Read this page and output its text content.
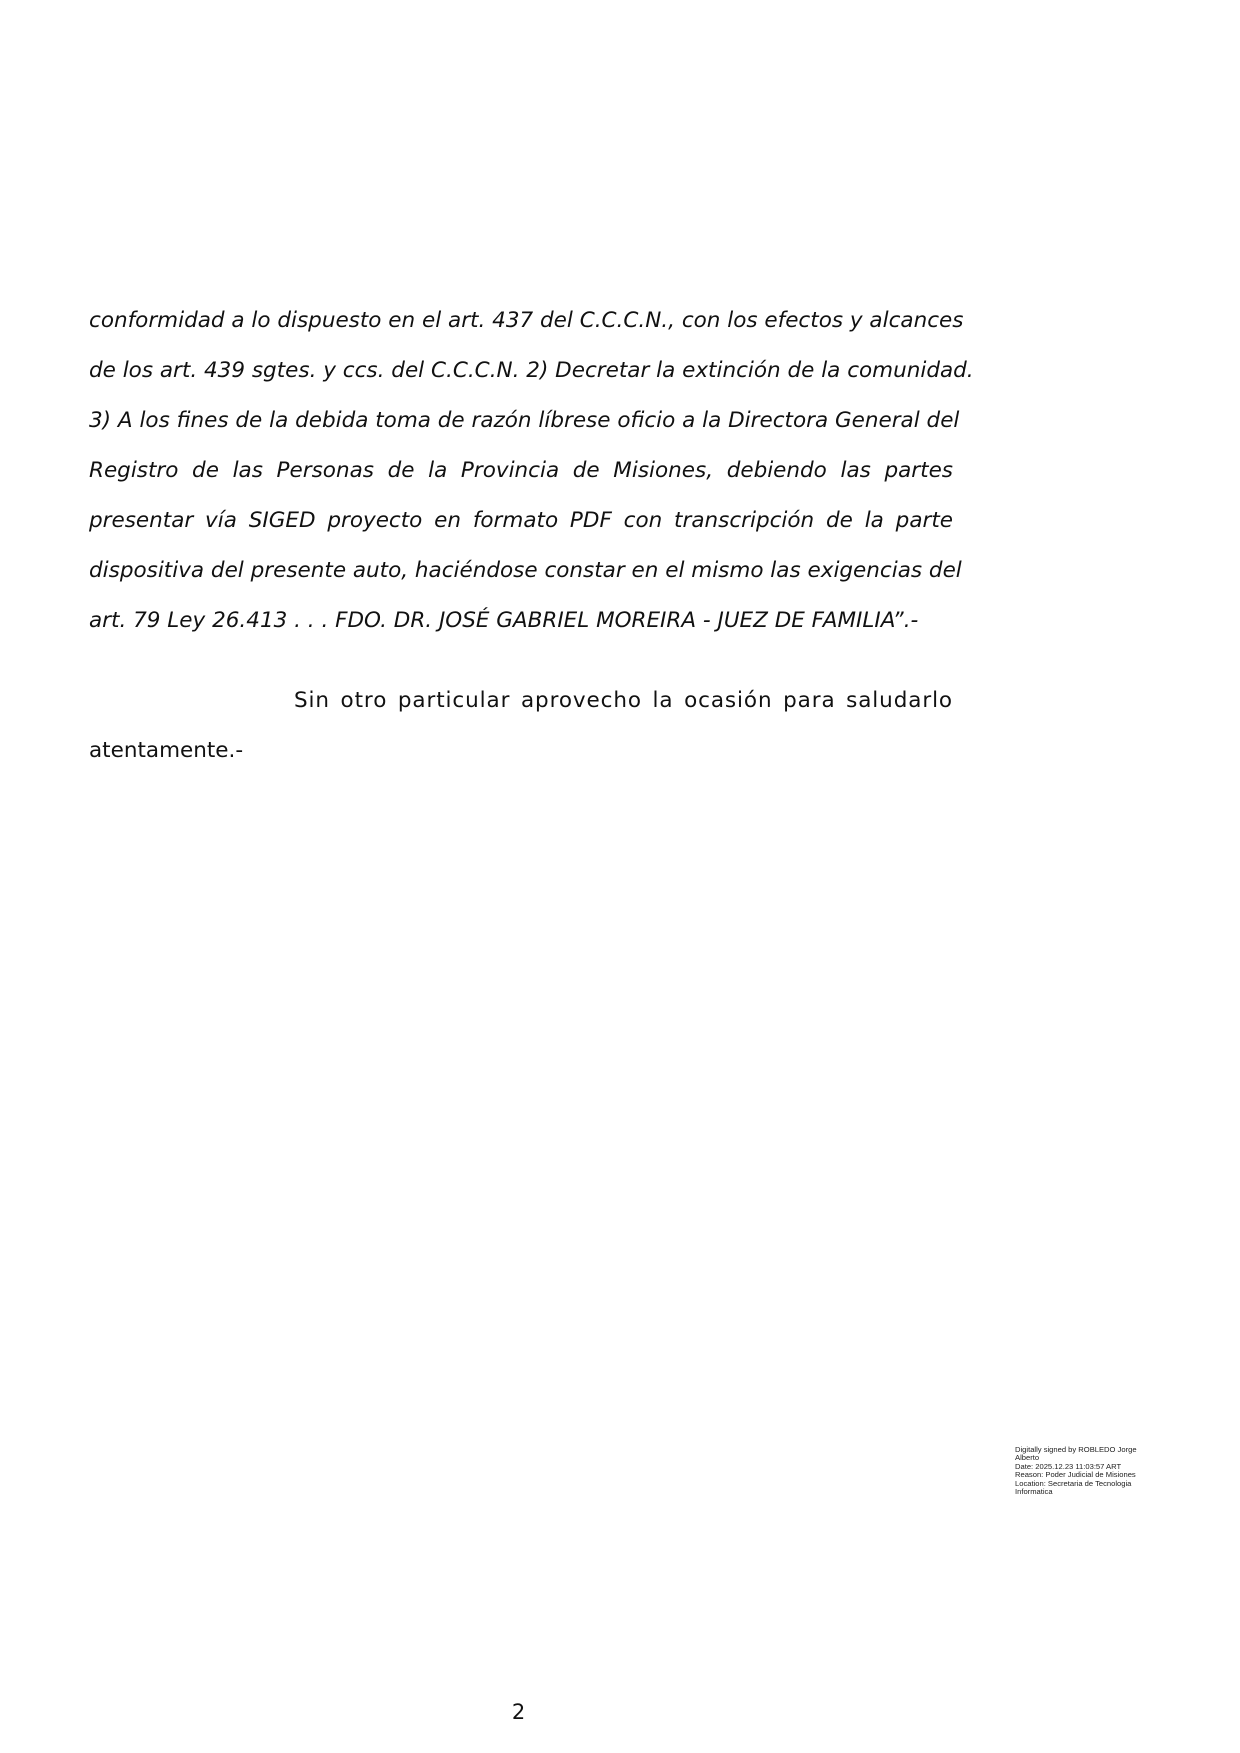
conformidad a lo dispuesto en el art. 437 del C.C.C.N., con los efectos y alcances
de los art. 439 sgtes. y ccs. del C.C.C.N. 2) Decretar la extinción de la comunidad.
3) A los fines de la debida toma de razón líbrese oficio a la Directora General del
Registro de las Personas de la Provincia de Misiones, debiendo las partes
presentar vía SIGED proyecto en formato PDF con transcripción de la parte
dispositiva del presente auto, haciéndose constar en el mismo las exigencias del
art. 79 Ley 26.413 . . . FDO. DR. JOSÉ GABRIEL MOREIRA - JUEZ DE FAMILIA”.-
Sin otro particular aprovecho la ocasión para saludarlo
atentamente.-
Digitally signed by ROBLEDO Jorge
Alberto
Date: 2025.12.23 11:03:57 ART
Reason: Poder Judicial de Misiones
Location: Secretaria de Tecnologia
Informatica
2
